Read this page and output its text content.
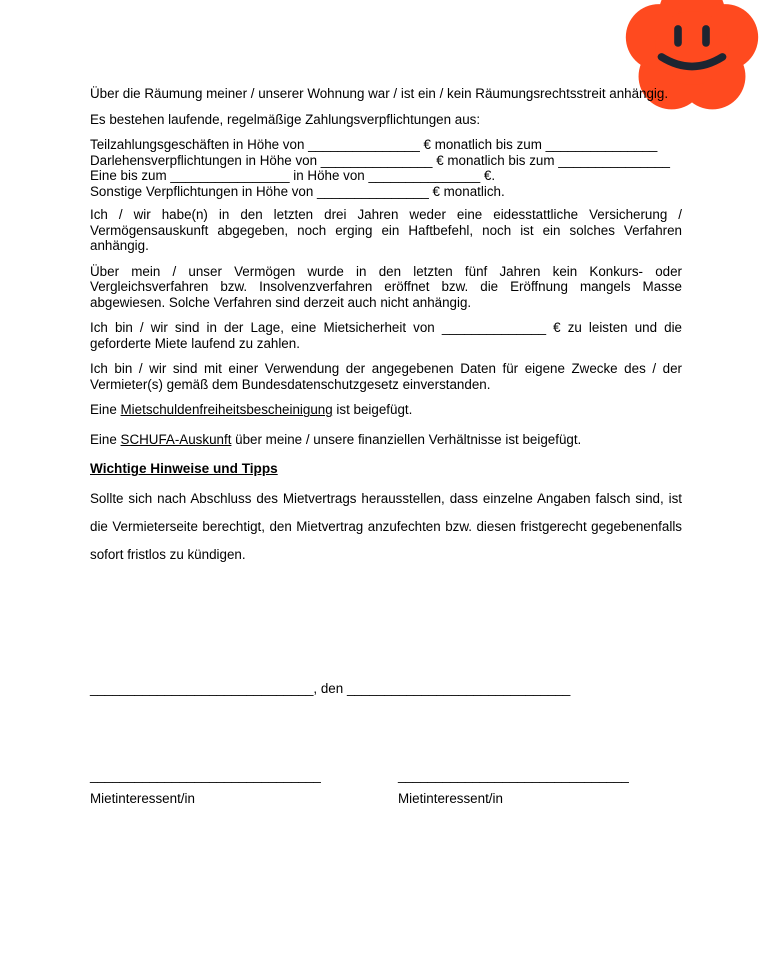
Über die Räumung meiner / unserer Wohnung war / ist ein / kein Räumungsrechtsstreit anhängig.

Es bestehen laufende, regelmäßige Zahlungsverpflichtungen aus:

Teilzahlungsgeschäften in Höhe von _______________ € monatlich bis zum _______________
Darlehensverpflichtungen in Höhe von _______________ € monatlich bis zum _______________
Eine bis zum ________________ in Höhe von _______________ €.
Sonstige Verpflichtungen in Höhe von _______________ € monatlich.

Ich / wir habe(n) in den letzten drei Jahren weder eine eidesstattliche Versicherung / Vermögensauskunft abgegeben, noch erging ein Haftbefehl, noch ist ein solches Verfahren anhängig.

Über mein / unser Vermögen wurde in den letzten fünf Jahren kein Konkurs- oder Vergleichsverfahren bzw. Insolvenzverfahren eröffnet bzw. die Eröffnung mangels Masse abgewiesen. Solche Verfahren sind derzeit auch nicht anhängig.

Ich bin / wir sind in der Lage, eine Mietsicherheit von ______________ € zu leisten und die geforderte Miete laufend zu zahlen.

Ich bin / wir sind mit einer Verwendung der angegebenen Daten für eigene Zwecke des / der Vermieter(s) gemäß dem Bundesdatenschutzgesetz einverstanden.

Eine Mietschuldenfreiheitsbescheinigung ist beigefügt.

Eine SCHUFA-Auskunft über meine / unsere finanziellen Verhältnisse ist beigefügt.

Wichtige Hinweise und Tipps

Sollte sich nach Abschluss des Mietvertrags herausstellen, dass einzelne Angaben falsch sind, ist die Vermieterseite berechtigt, den Mietvertrag anzufechten bzw. diesen fristgerecht gegebenenfalls sofort fristlos zu kündigen.

______________________________, den ______________________________
_______________________________
Mietinteressent/in
_______________________________
Mietinteressent/in
